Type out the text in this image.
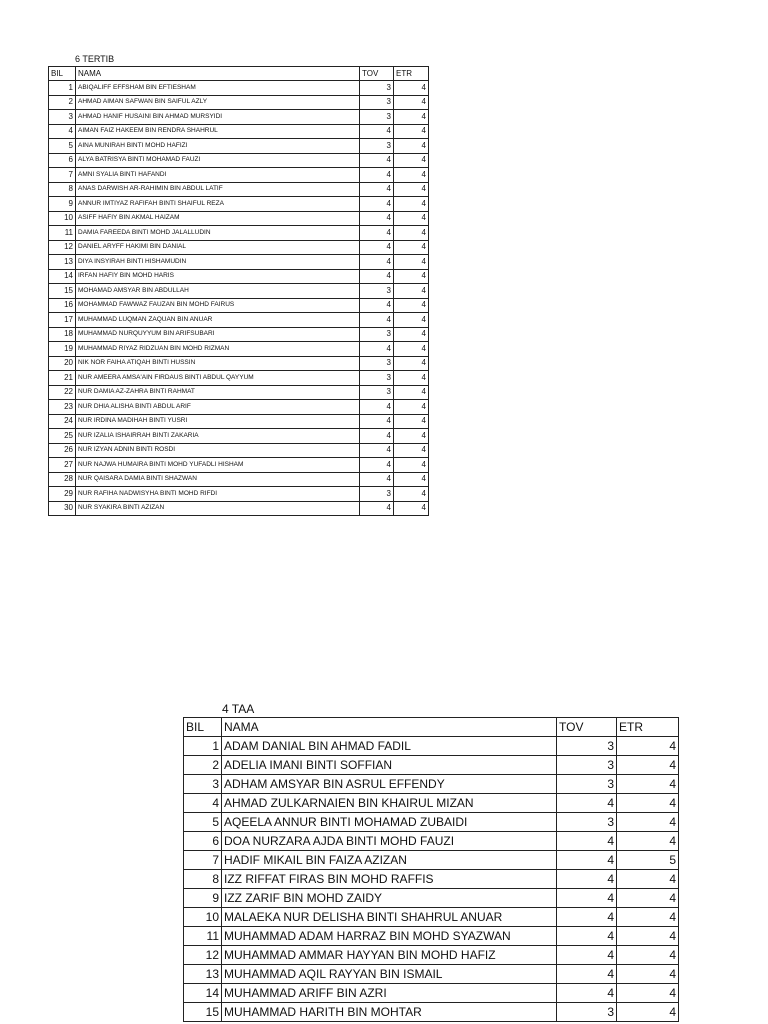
6 TERTIB
BIL	NAMA	TOV	ETR
1	ABIQALIFF EFFSHAM BIN EFTIESHAM	3	4
2	AHMAD AIMAN SAFWAN BIN SAIFUL AZLY	3	4
3	AHMAD HANIF HUSAINI BIN AHMAD MURSYIDI	3	4
4	AIMAN FAIZ HAKEEM BIN RENDRA SHAHRUL	4	4
5	AINA MUNIRAH BINTI MOHD HAFIZI	3	4
6	ALYA BATRISYA BINTI MOHAMAD FAUZI	4	4
7	AMNI SYALIA BINTI HAFANDI	4	4
8	ANAS DARWISH AR-RAHIMIN BIN ABDUL LATIF	4	4
9	ANNUR IMTIYAZ RAFIFAH BINTI SHAIFUL REZA	4	4
10	ASIFF HAFIY BIN AKMAL HAIZAM	4	4
11	DAMIA FAREEDA BINTI MOHD JALALLUDIN	4	4
12	DANIEL ARYFF HAKIMI BIN DANIAL	4	4
13	DIYA INSYIRAH BINTI HISHAMUDIN	4	4
14	IRFAN HAFIY BIN MOHD HARIS	4	4
15	MOHAMAD AMSYAR BIN ABDULLAH	3	4
16	MOHAMMAD FAWWAZ FAUZAN BIN MOHD FAIRUS	4	4
17	MUHAMMAD LUQMAN ZAQUAN BIN ANUAR	4	4
18	MUHAMMAD NURQUYYUM BIN ARIFSUBARI	3	4
19	MUHAMMAD RIYAZ RIDZUAN BIN MOHD RIZMAN	4	4
20	NIK NOR FAIHA ATIQAH BINTI HUSSIN	3	4
21	NUR AMEERA AMSA'AIN FIRDAUS BINTI ABDUL QAYYUM	3	4
22	NUR DAMIA AZ-ZAHRA BINTI RAHMAT	3	4
23	NUR DHIA ALISHA BINTI ABDUL ARIF	4	4
24	NUR IRDINA MADIHAH BINTI YUSRI	4	4
25	NUR IZALIA ISHAIRRAH BINTI ZAKARIA	4	4
26	NUR IZYAN ADNIN BINTI ROSDI	4	4
27	NUR NAJWA HUMAIRA BINTI MOHD YUFADLI HISHAM	4	4
28	NUR QAISARA DAMIA BINTI SHAZWAN	4	4
29	NUR RAFIHA NADWISYHA BINTI MOHD RIFDI	3	4
30	NUR SYAKIRA BINTI AZIZAN	4	4
4 TAA
BIL	NAMA	TOV	ETR
1	ADAM DANIAL BIN AHMAD FADIL	3	4
2	ADELIA IMANI BINTI SOFFIAN	3	4
3	ADHAM AMSYAR BIN ASRUL EFFENDY	3	4
4	AHMAD ZULKARNAIEN BIN KHAIRUL MIZAN	4	4
5	AQEELA ANNUR BINTI MOHAMAD ZUBAIDI	3	4
6	DOA NURZARA AJDA BINTI MOHD FAUZI	4	4
7	HADIF MIKAIL BIN FAIZA AZIZAN	4	5
8	IZZ RIFFAT FIRAS BIN MOHD RAFFIS	4	4
9	IZZ ZARIF BIN MOHD ZAIDY	4	4
10	MALAEKA NUR DELISHA BINTI SHAHRUL ANUAR	4	4
11	MUHAMMAD ADAM HARRAZ BIN MOHD SYAZWAN	4	4
12	MUHAMMAD AMMAR HAYYAN BIN MOHD HAFIZ	4	4
13	MUHAMMAD AQIL RAYYAN BIN ISMAIL	4	4
14	MUHAMMAD ARIFF BIN AZRI	4	4
15	MUHAMMAD HARITH BIN MOHTAR	3	4
